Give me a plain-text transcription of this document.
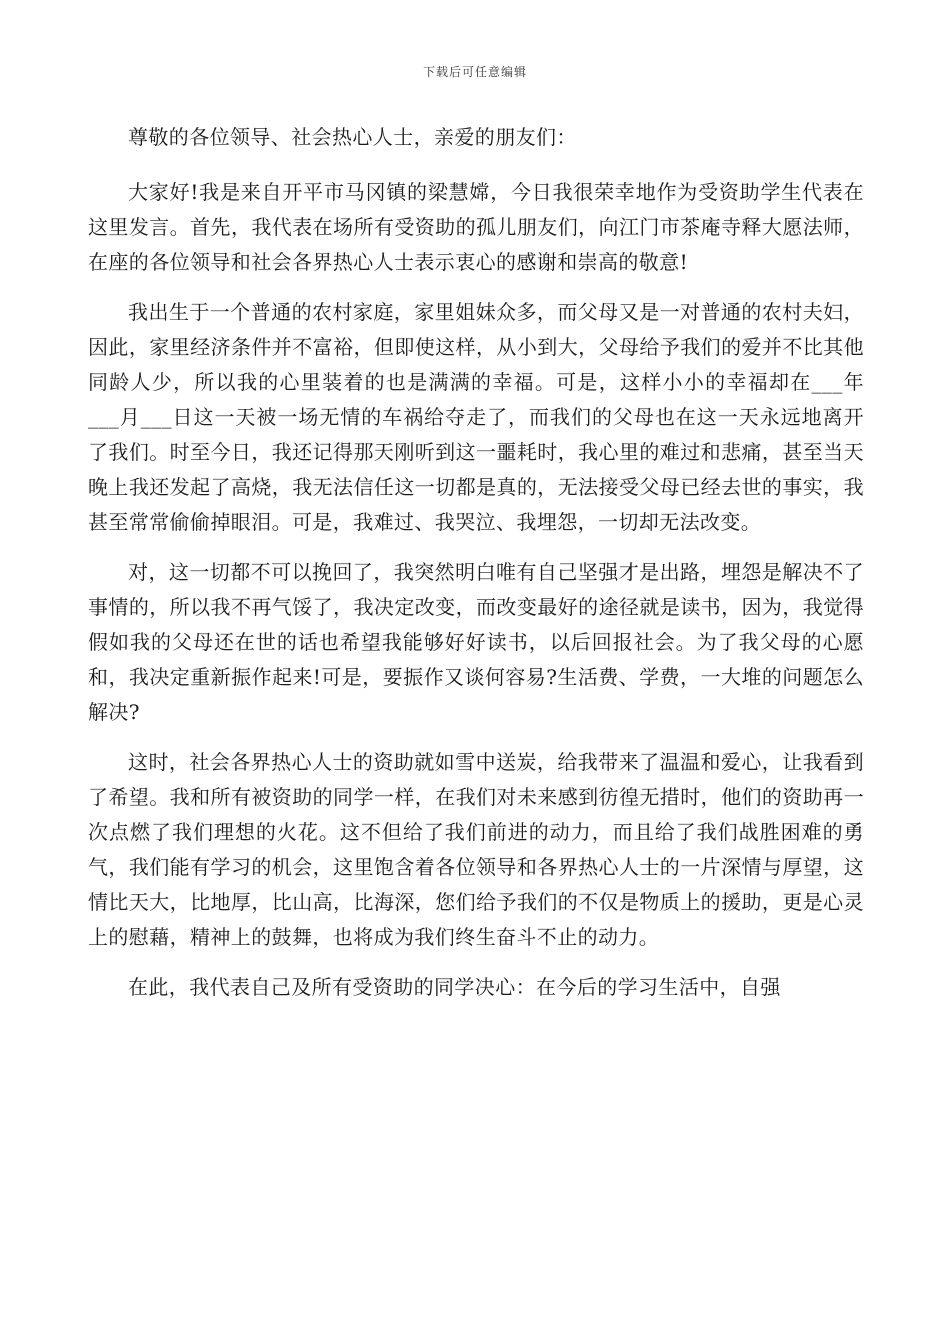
下载后可任意编辑

尊敬的各位领导、社会热心人士，亲爱的朋友们：

大家好!我是来自开平市马冈镇的梁慧嫦，今日我很荣幸地作为受资助学生代表在这里发言。首先，我代表在场所有受资助的孤儿朋友们，向江门市茶庵寺释大愿法师，在座的各位领导和社会各界热心人士表示衷心的感谢和崇高的敬意!

我出生于一个普通的农村家庭，家里姐妹众多，而父母又是一对普通的农村夫妇，因此，家里经济条件并不富裕，但即使这样，从小到大，父母给予我们的爱并不比其他同龄人少，所以我的心里装着的也是满满的幸福。可是，这样小小的幸福却在___年___月___日这一天被一场无情的车祸给夺走了，而我们的父母也在这一天永远地离开了我们。时至今日，我还记得那天刚听到这一噩耗时，我心里的难过和悲痛，甚至当天晚上我还发起了高烧，我无法信任这一切都是真的，无法接受父母已经去世的事实，我甚至常常偷偷掉眼泪。可是，我难过、我哭泣、我埋怨，一切却无法改变。

对，这一切都不可以挽回了，我突然明白唯有自己坚强才是出路，埋怨是解决不了事情的，所以我不再气馁了，我决定改变，而改变最好的途径就是读书，因为，我觉得假如我的父母还在世的话也希望我能够好好读书，以后回报社会。为了我父母的心愿和，我决定重新振作起来!可是，要振作又谈何容易?生活费、学费，一大堆的问题怎么解决?

这时，社会各界热心人士的资助就如雪中送炭，给我带来了温温和爱心，让我看到了希望。我和所有被资助的同学一样，在我们对未来感到彷徨无措时，他们的资助再一次点燃了我们理想的火花。这不但给了我们前进的动力，而且给了我们战胜困难的勇气，我们能有学习的机会，这里饱含着各位领导和各界热心人士的一片深情与厚望，这情比天大，比地厚，比山高，比海深，您们给予我们的不仅是物质上的援助，更是心灵上的慰藉，精神上的鼓舞，也将成为我们终生奋斗不止的动力。

在此，我代表自己及所有受资助的同学决心：在今后的学习生活中，自强
